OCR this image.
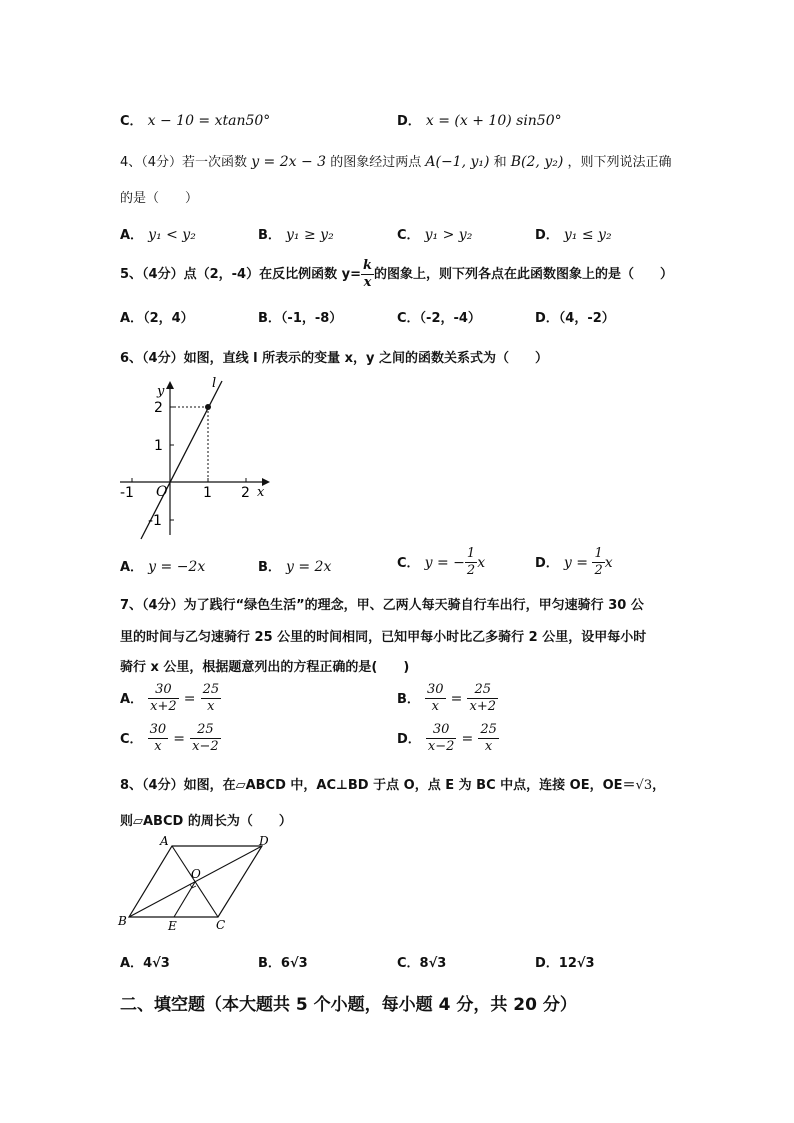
C． x − 10 = xtan50°	D． x = (x + 10) sin50°
4、（4分）若一次函数 y = 2x − 3 的图象经过两点 A(−1, y₁) 和 B(2, y₂) ，则下列说法正确
的是（　　）
A． y₁ < y₂	B． y₁ ≥ y₂	C． y₁ > y₂	D． y₁ ≤ y₂
5、（4分）点（2，-4）在反比例函数 $y= \frac{k}{x}$ 的图象上，则下列各点在此函数图象上的是（　　）
A．（2，4）	B．（-1，-8）	C．（-2，-4）	D．（4，-2）
6、（4分）如图，直线 l 所表示的变量 x，y 之间的函数关系式为（　　）
l
y
x
O
-1	1 2
2
1
-1
A． y = −2x	B． y = 2x	C． y = − $\frac{1}{2}$ x	D． $y = \frac{1}{2}$ x
7、（4分）为了践行“绿色生活”的理念，甲、乙两人每天骑自行车出行，甲匀速骑行 30 公
里的时间与乙匀速骑行 25 公里的时间相同，已知甲每小时比乙多骑行 2 公里，设甲每小时
骑行 x 公里，根据题意列出的方程正确的是(　　)
A． $\frac{30}{x+2} = \frac{25}{x}$	B． $\frac{30}{x} = \frac{25}{x+2}$
C． $\frac{30}{x} = \frac{25}{x-2}$	D． $\frac{30}{x-2} = \frac{25}{x}$
8、（4分）如图，在▱ABCD 中，AC⊥BD 于点 O，点 E 为 BC 中点，连接 OE，OE＝√3，
则▱ABCD 的周长为（　　）
A	D
B	C
O
E
A．4√3	B．6√3	C．8√3	D．12√3
二、填空题（本大题共 5 个小题，每小题 4 分，共 20 分）
